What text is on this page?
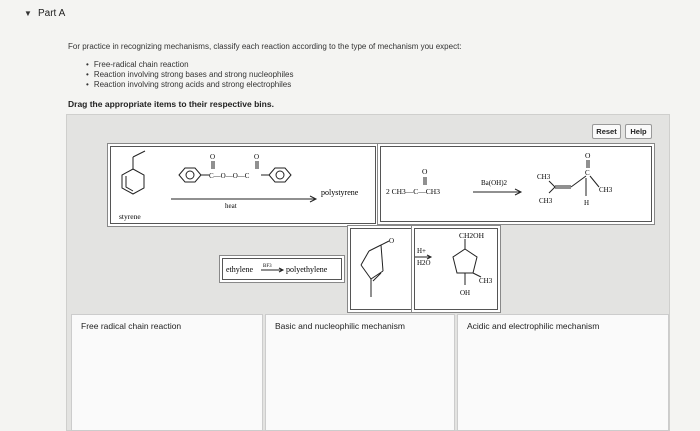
▼ Part A
For practice in recognizing mechanisms, classify each reaction according to the type of mechanism you expect:
• Free-radical chain reaction
• Reaction involving strong bases and strong nucleophiles
• Reaction involving strong acids and strong electrophiles
Drag the appropriate items to their respective bins.
Reset	Help
O	O
C—O—O—C
heat
polystyrene
styrene
O
2 CH3—C—CH3
Ba(OH)2
O
C
CH3
CH3
CH3
H
ethylene BF3 polyethylene
O
H+
H2O
CH2OH
CH3
OH
Free radical chain reaction	Basic and nucleophilic mechanism	Acidic and electrophilic mechanism
